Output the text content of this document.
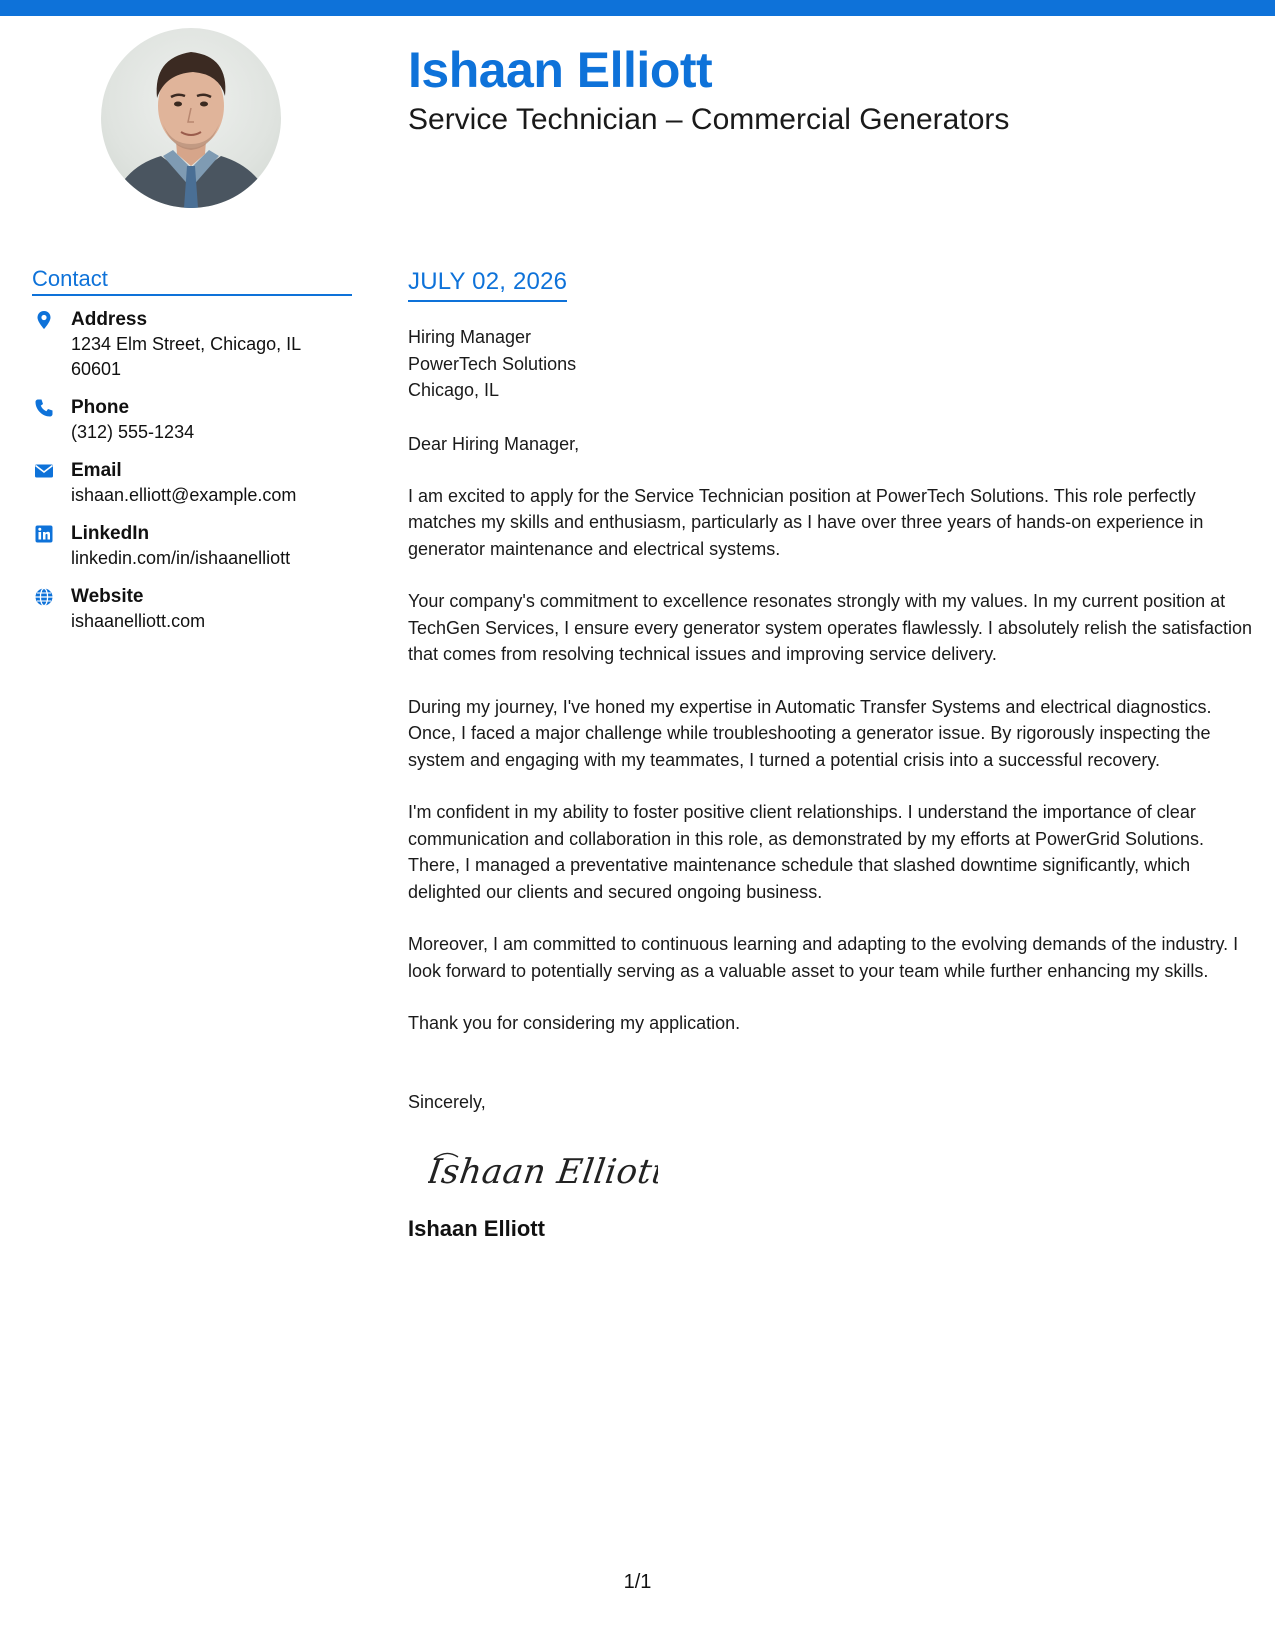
Ishaan Elliott
Service Technician – Commercial Generators
Contact
Address
1234 Elm Street, Chicago, IL 60601
Phone
(312) 555-1234
Email
ishaan.elliott@example.com
LinkedIn
linkedin.com/in/ishaanelliott
Website
ishaanelliott.com
JULY 02, 2026
Hiring Manager
PowerTech Solutions
Chicago, IL
Dear Hiring Manager,
I am excited to apply for the Service Technician position at PowerTech Solutions. This role perfectly matches my skills and enthusiasm, particularly as I have over three years of hands-on experience in generator maintenance and electrical systems.
Your company's commitment to excellence resonates strongly with my values. In my current position at TechGen Services, I ensure every generator system operates flawlessly. I absolutely relish the satisfaction that comes from resolving technical issues and improving service delivery.
During my journey, I've honed my expertise in Automatic Transfer Systems and electrical diagnostics. Once, I faced a major challenge while troubleshooting a generator issue. By rigorously inspecting the system and engaging with my teammates, I turned a potential crisis into a successful recovery.
I'm confident in my ability to foster positive client relationships. I understand the importance of clear communication and collaboration in this role, as demonstrated by my efforts at PowerGrid Solutions. There, I managed a preventative maintenance schedule that slashed downtime significantly, which delighted our clients and secured ongoing business.
Moreover, I am committed to continuous learning and adapting to the evolving demands of the industry. I look forward to potentially serving as a valuable asset to your team while further enhancing my skills.
Thank you for considering my application.
Sincerely,
Ishaan Elliott
Ishaan Elliott
1/1
